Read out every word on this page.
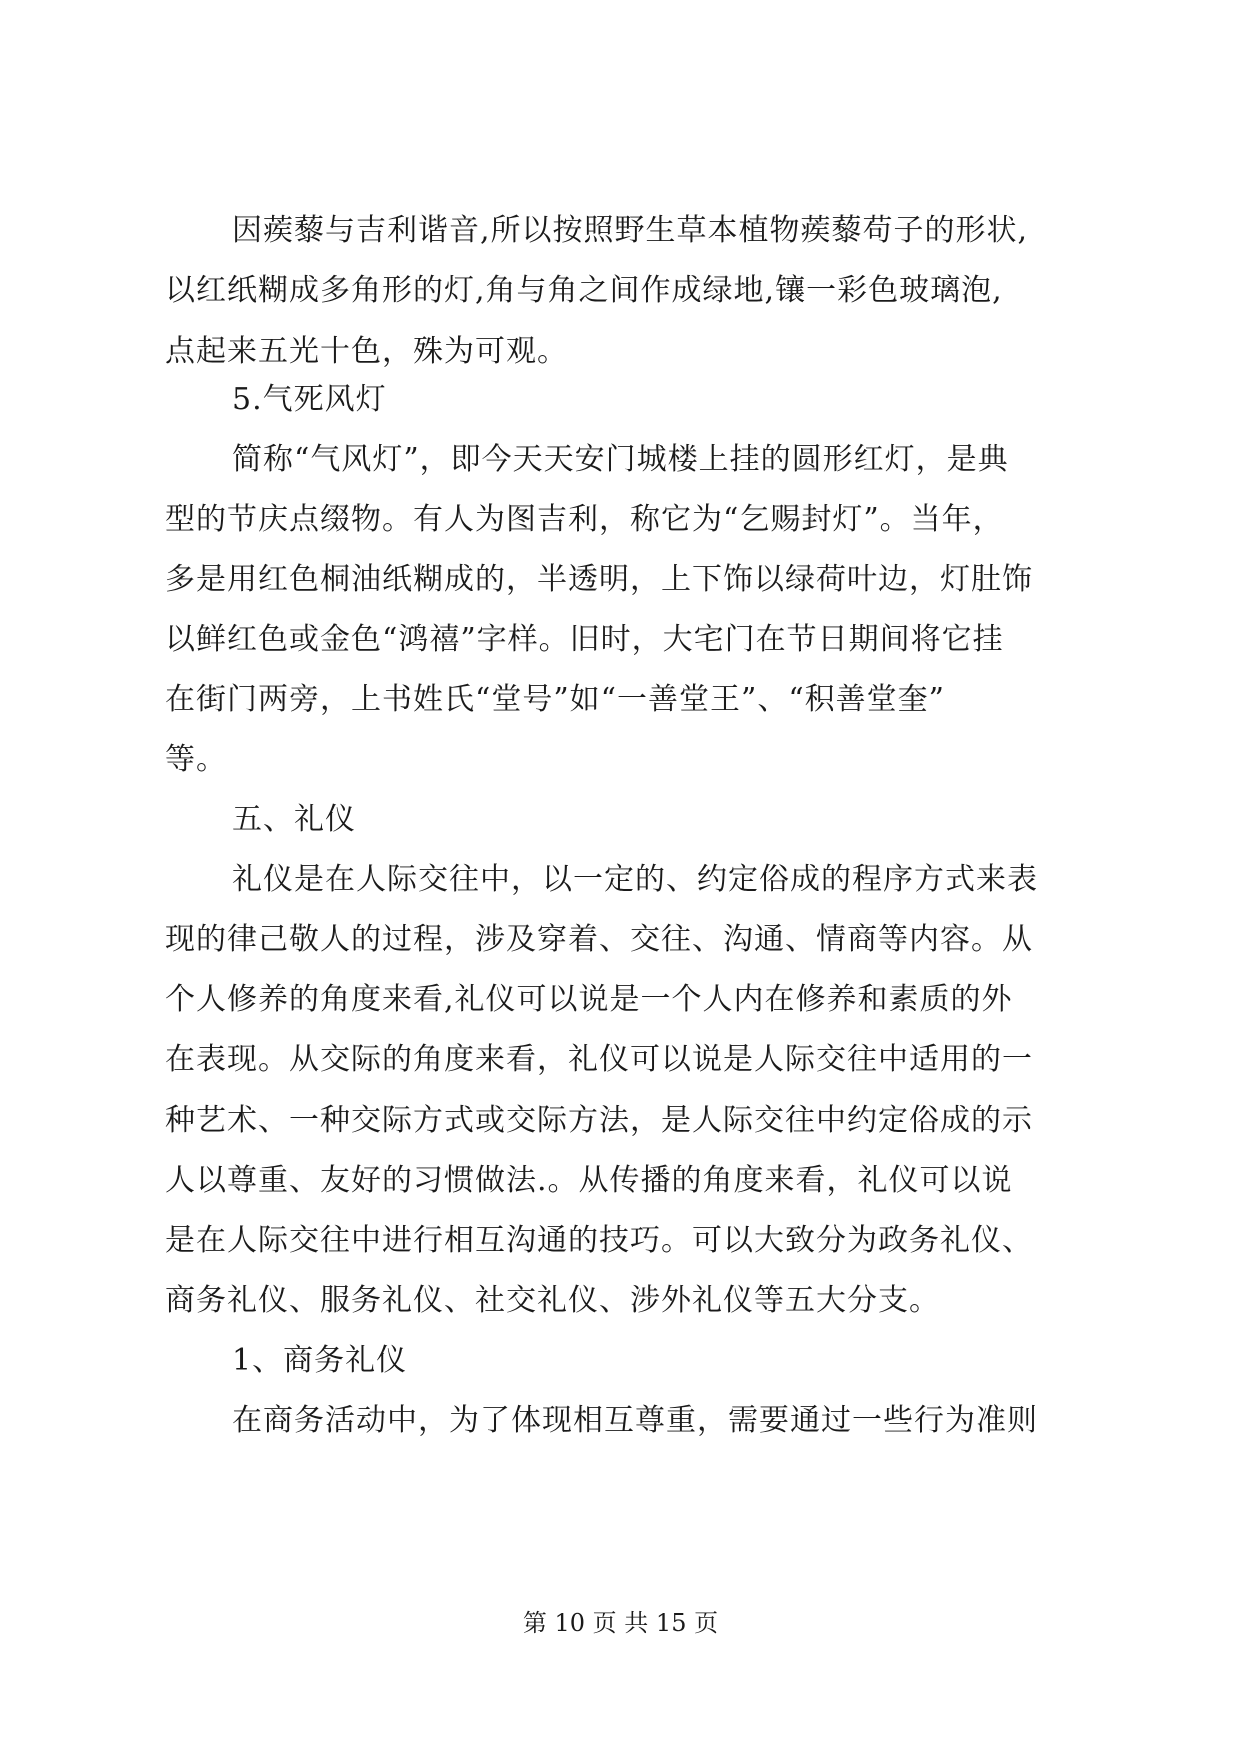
因蒺藜与吉利谐音,所以按照野生草本植物蒺藜苟子的形状,
以红纸糊成多角形的灯,角与角之间作成绿地,镶一彩色玻璃泡,
点起来五光十色，殊为可观。
5.气死风灯
简称“气风灯”，即今天天安门城楼上挂的圆形红灯，是典
型的节庆点缀物。有人为图吉利，称它为“乞赐封灯”。当年，
多是用红色桐油纸糊成的，半透明，上下饰以绿荷叶边，灯肚饰
以鲜红色或金色“鸿禧”字样。旧时，大宅门在节日期间将它挂
在街门两旁，上书姓氏“堂号”如“一善堂王”、“积善堂奎”
等。
五、礼仪
礼仪是在人际交往中，以一定的、约定俗成的程序方式来表
现的律己敬人的过程，涉及穿着、交往、沟通、情商等内容。从
个人修养的角度来看,礼仪可以说是一个人内在修养和素质的外
在表现。从交际的角度来看，礼仪可以说是人际交往中适用的一
种艺术、一种交际方式或交际方法，是人际交往中约定俗成的示
人以尊重、友好的习惯做法.。从传播的角度来看，礼仪可以说
是在人际交往中进行相互沟通的技巧。可以大致分为政务礼仪、
商务礼仪、服务礼仪、社交礼仪、涉外礼仪等五大分支。
1、商务礼仪
在商务活动中，为了体现相互尊重，需要通过一些行为准则
第 10 页 共 15 页
